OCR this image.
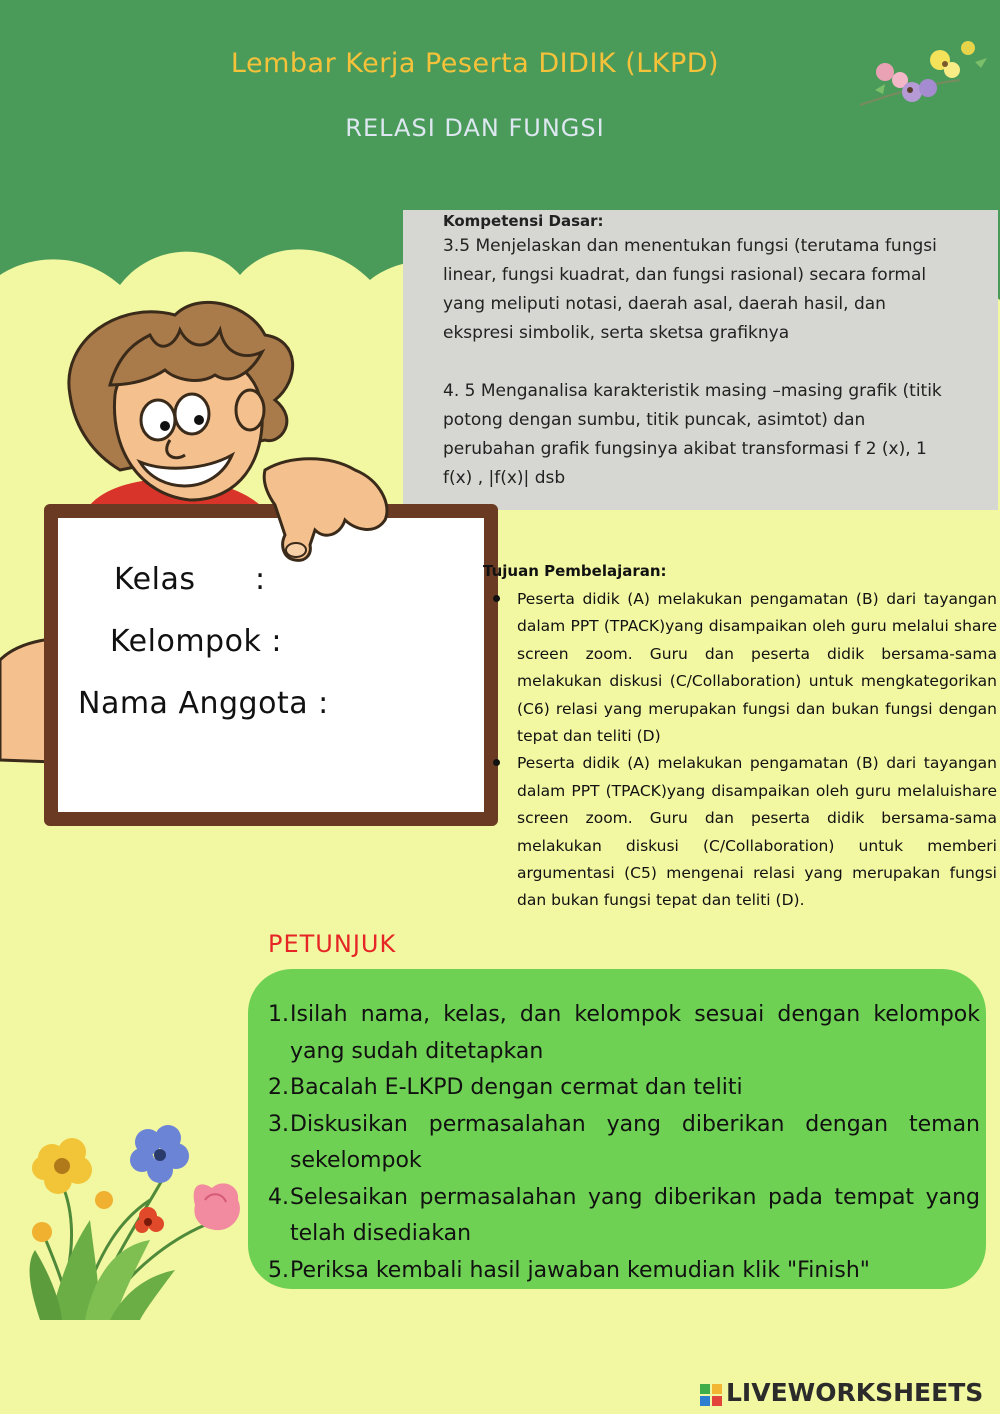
Lembar Kerja Peserta DIDIK (LKPD)
RELASI DAN FUNGSI
Kompetensi Dasar:

3.5 Menjelaskan dan menentukan fungsi (terutama fungsi linear, fungsi kuadrat, dan fungsi rasional) secara formal yang meliputi notasi, daerah asal, daerah hasil, dan ekspresi simbolik, serta sketsa grafiknya

4. 5 Menganalisa karakteristik masing –masing grafik (titik potong dengan sumbu, titik puncak, asimtot) dan perubahan grafik fungsinya akibat transformasi f 2 (x), 1 f(x) , |f(x)| dsb

Kelas :
Kelompok :
Nama Anggota :
Tujuan Pembelajaran:
Peserta didik (A) melakukan pengamatan (B) dari tayangan dalam PPT (TPACK)yang disampaikan oleh guru melalui share screen zoom. Guru dan peserta didik bersama-sama melakukan diskusi (C/Collaboration) untuk mengkategorikan (C6) relasi yang merupakan fungsi dan bukan fungsi dengan tepat dan teliti (D)
Peserta didik (A) melakukan pengamatan (B) dari tayangan dalam PPT (TPACK)yang disampaikan oleh guru melaluishare screen zoom. Guru dan peserta didik bersama-sama melakukan diskusi (C/Collaboration) untuk memberi argumentasi (C5) mengenai relasi yang merupakan fungsi dan bukan fungsi tepat dan teliti (D).
PETUNJUK
1. Isilah nama, kelas, dan kelompok sesuai dengan kelompok yang sudah ditetapkan
2. Bacalah E-LKPD dengan cermat dan teliti
3. Diskusikan permasalahan yang diberikan dengan teman sekelompok
4. Selesaikan permasalahan yang diberikan pada tempat yang telah disediakan
5. Periksa kembali hasil jawaban kemudian klik "Finish"
LIVEWORKSHEETS
